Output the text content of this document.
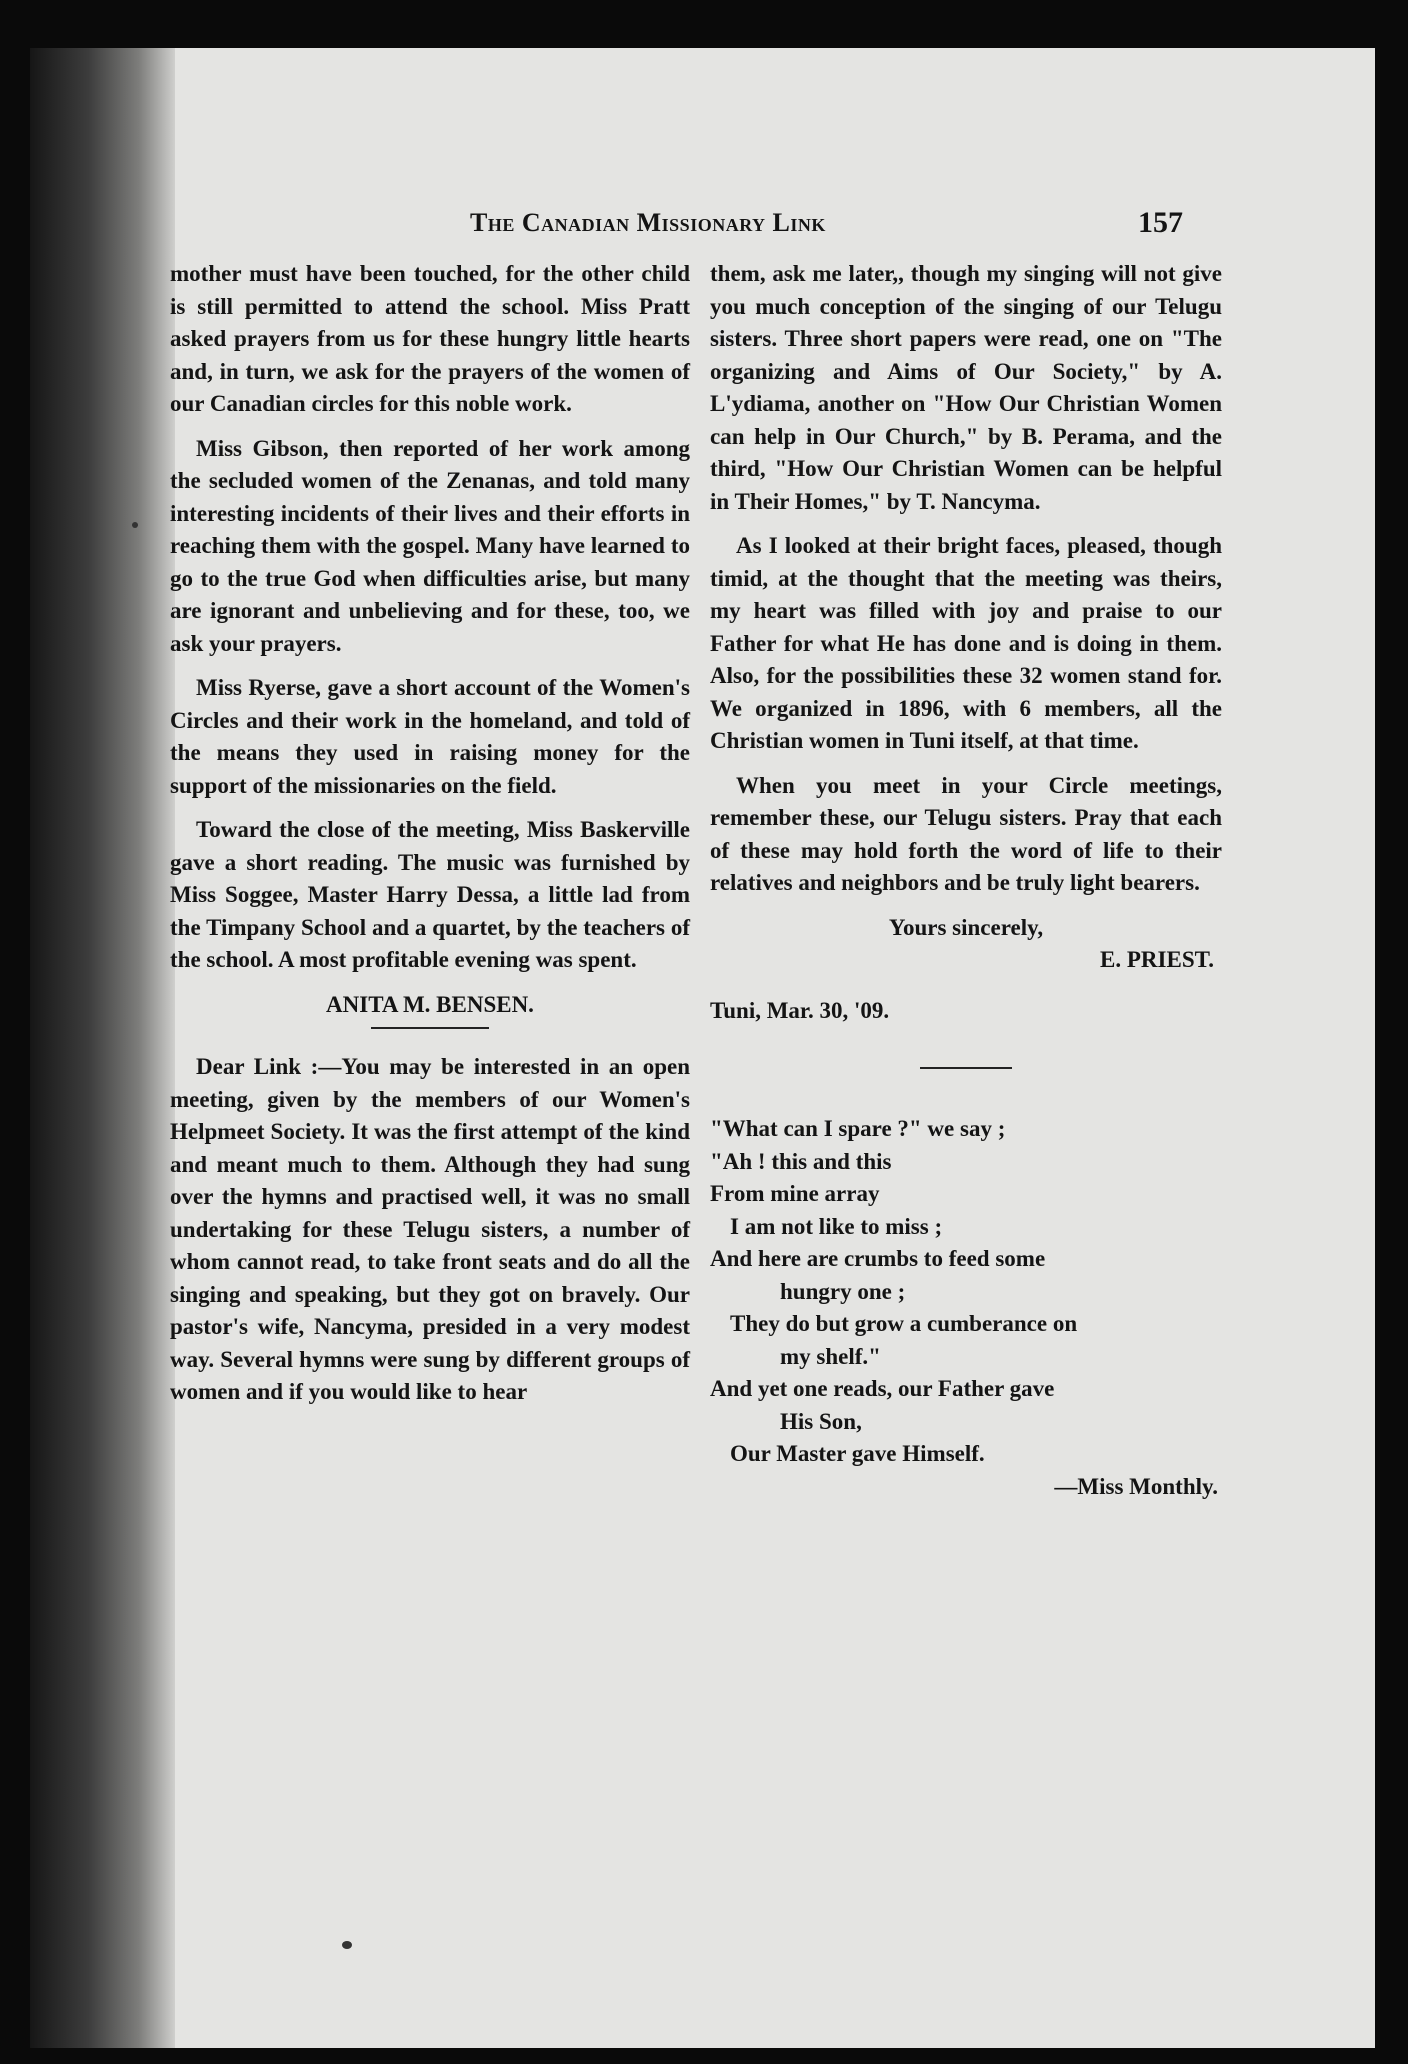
The Canadian Missionary Link	157

mother must have been touched, for the other child is still permitted to attend the school. Miss Pratt asked prayers from us for these hungry little hearts and, in turn, we ask for the prayers of the women of our Canadian circles for this noble work.

Miss Gibson, then reported of her work among the secluded women of the Zenanas, and told many interesting incidents of their lives and their efforts in reaching them with the gospel. Many have learned to go to the true God when difficulties arise, but many are ignorant and unbelieving and for these, too, we ask your prayers.

Miss Ryerse, gave a short account of the Women's Circles and their work in the homeland, and told of the means they used in raising money for the support of the missionaries on the field.

Toward the close of the meeting, Miss Baskerville gave a short reading. The music was furnished by Miss Soggee, Master Harry Dessa, a little lad from the Timpany School and a quartet, by the teachers of the school. A most profitable evening was spent.

ANITA M. BENSEN.

Dear Link :—You may be interested in an open meeting, given by the members of our Women's Helpmeet Society. It was the first attempt of the kind and meant much to them. Although they had sung over the hymns and practised well, it was no small undertaking for these Telugu sisters, a number of whom cannot read, to take front seats and do all the singing and speaking, but they got on bravely. Our pastor's wife, Nancyma, presided in a very modest way. Several hymns were sung by different groups of women and if you would like to hear

them, ask me later,, though my singing will not give you much conception of the singing of our Telugu sisters. Three short papers were read, one on "The organizing and Aims of Our Society," by A. L'ydiama, another on "How Our Christian Women can help in Our Church," by B. Perama, and the third, "How Our Christian Women can be helpful in Their Homes," by T. Nancyma.

As I looked at their bright faces, pleased, though timid, at the thought that the meeting was theirs, my heart was filled with joy and praise to our Father for what He has done and is doing in them. Also, for the possibilities these 32 women stand for. We organized in 1896, with 6 members, all the Christian women in Tuni itself, at that time.

When you meet in your Circle meetings, remember these, our Telugu sisters. Pray that each of these may hold forth the word of life to their relatives and neighbors and be truly light bearers.

Yours sincerely,
E. PRIEST.
Tuni, Mar. 30, '09.
"What can I spare ?" we say ;
"Ah ! this and this
From mine array
I am not like to miss ;
And here are crumbs to feed some
hungry one ;
They do but grow a cumberance on
my shelf."
And yet one reads, our Father gave
His Son,
Our Master gave Himself.
—Miss Monthly.
